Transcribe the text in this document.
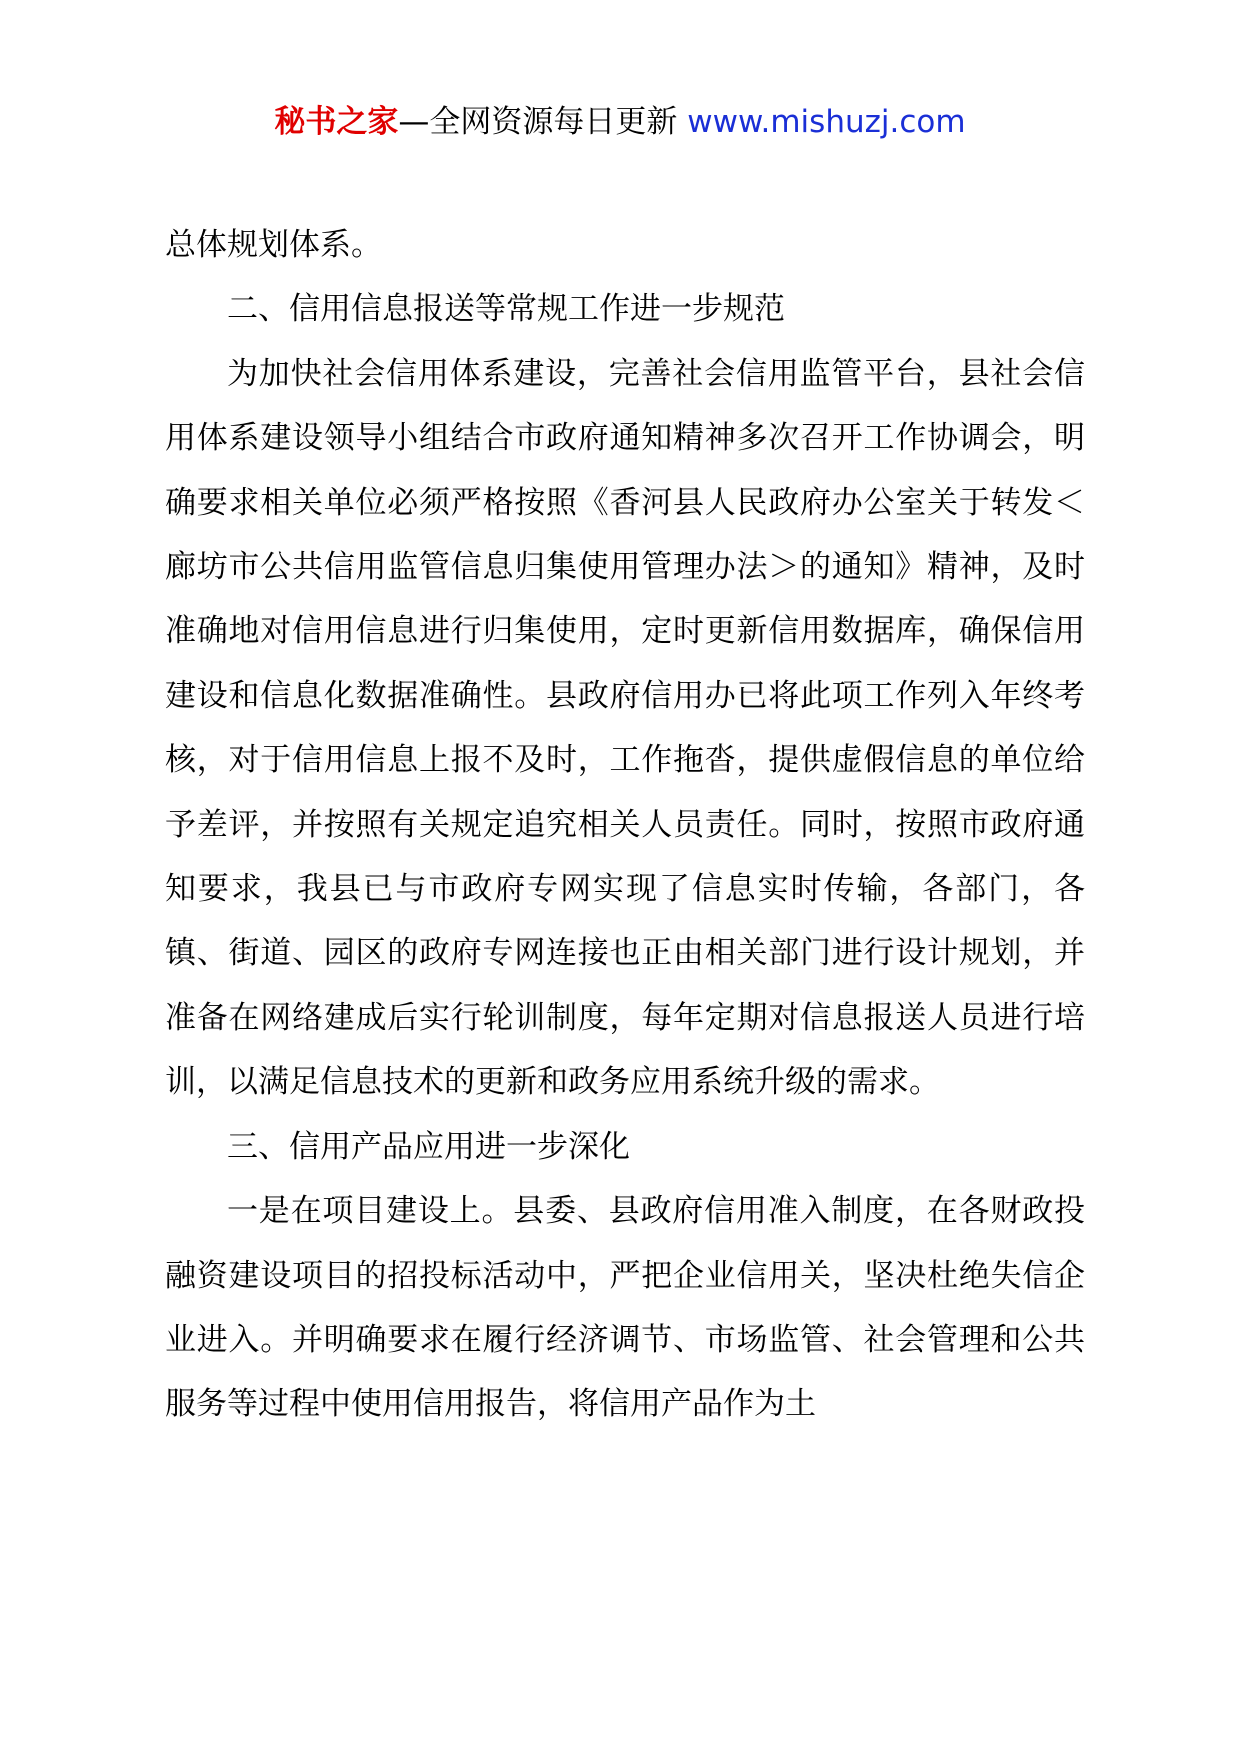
秘书之家—全网资源每日更新 www.mishuzj.com

总体规划体系。

二、信用信息报送等常规工作进一步规范

为加快社会信用体系建设，完善社会信用监管平台，县社会信用体系建设领导小组结合市政府通知精神多次召开工作协调会，明确要求相关单位必须严格按照《香河县人民政府办公室关于转发＜廊坊市公共信用监管信息归集使用管理办法＞的通知》精神，及时准确地对信用信息进行归集使用，定时更新信用数据库，确保信用建设和信息化数据准确性。县政府信用办已将此项工作列入年终考核，对于信用信息上报不及时，工作拖沓，提供虚假信息的单位给予差评，并按照有关规定追究相关人员责任。同时，按照市政府通知要求，我县已与市政府专网实现了信息实时传输，各部门，各镇、街道、园区的政府专网连接也正由相关部门进行设计规划，并准备在网络建成后实行轮训制度，每年定期对信息报送人员进行培训，以满足信息技术的更新和政务应用系统升级的需求。

三、信用产品应用进一步深化

一是在项目建设上。县委、县政府信用准入制度，在各财政投融资建设项目的招投标活动中，严把企业信用关，坚决杜绝失信企业进入。并明确要求在履行经济调节、市场监管、社会管理和公共服务等过程中使用信用报告，将信用产品作为土
